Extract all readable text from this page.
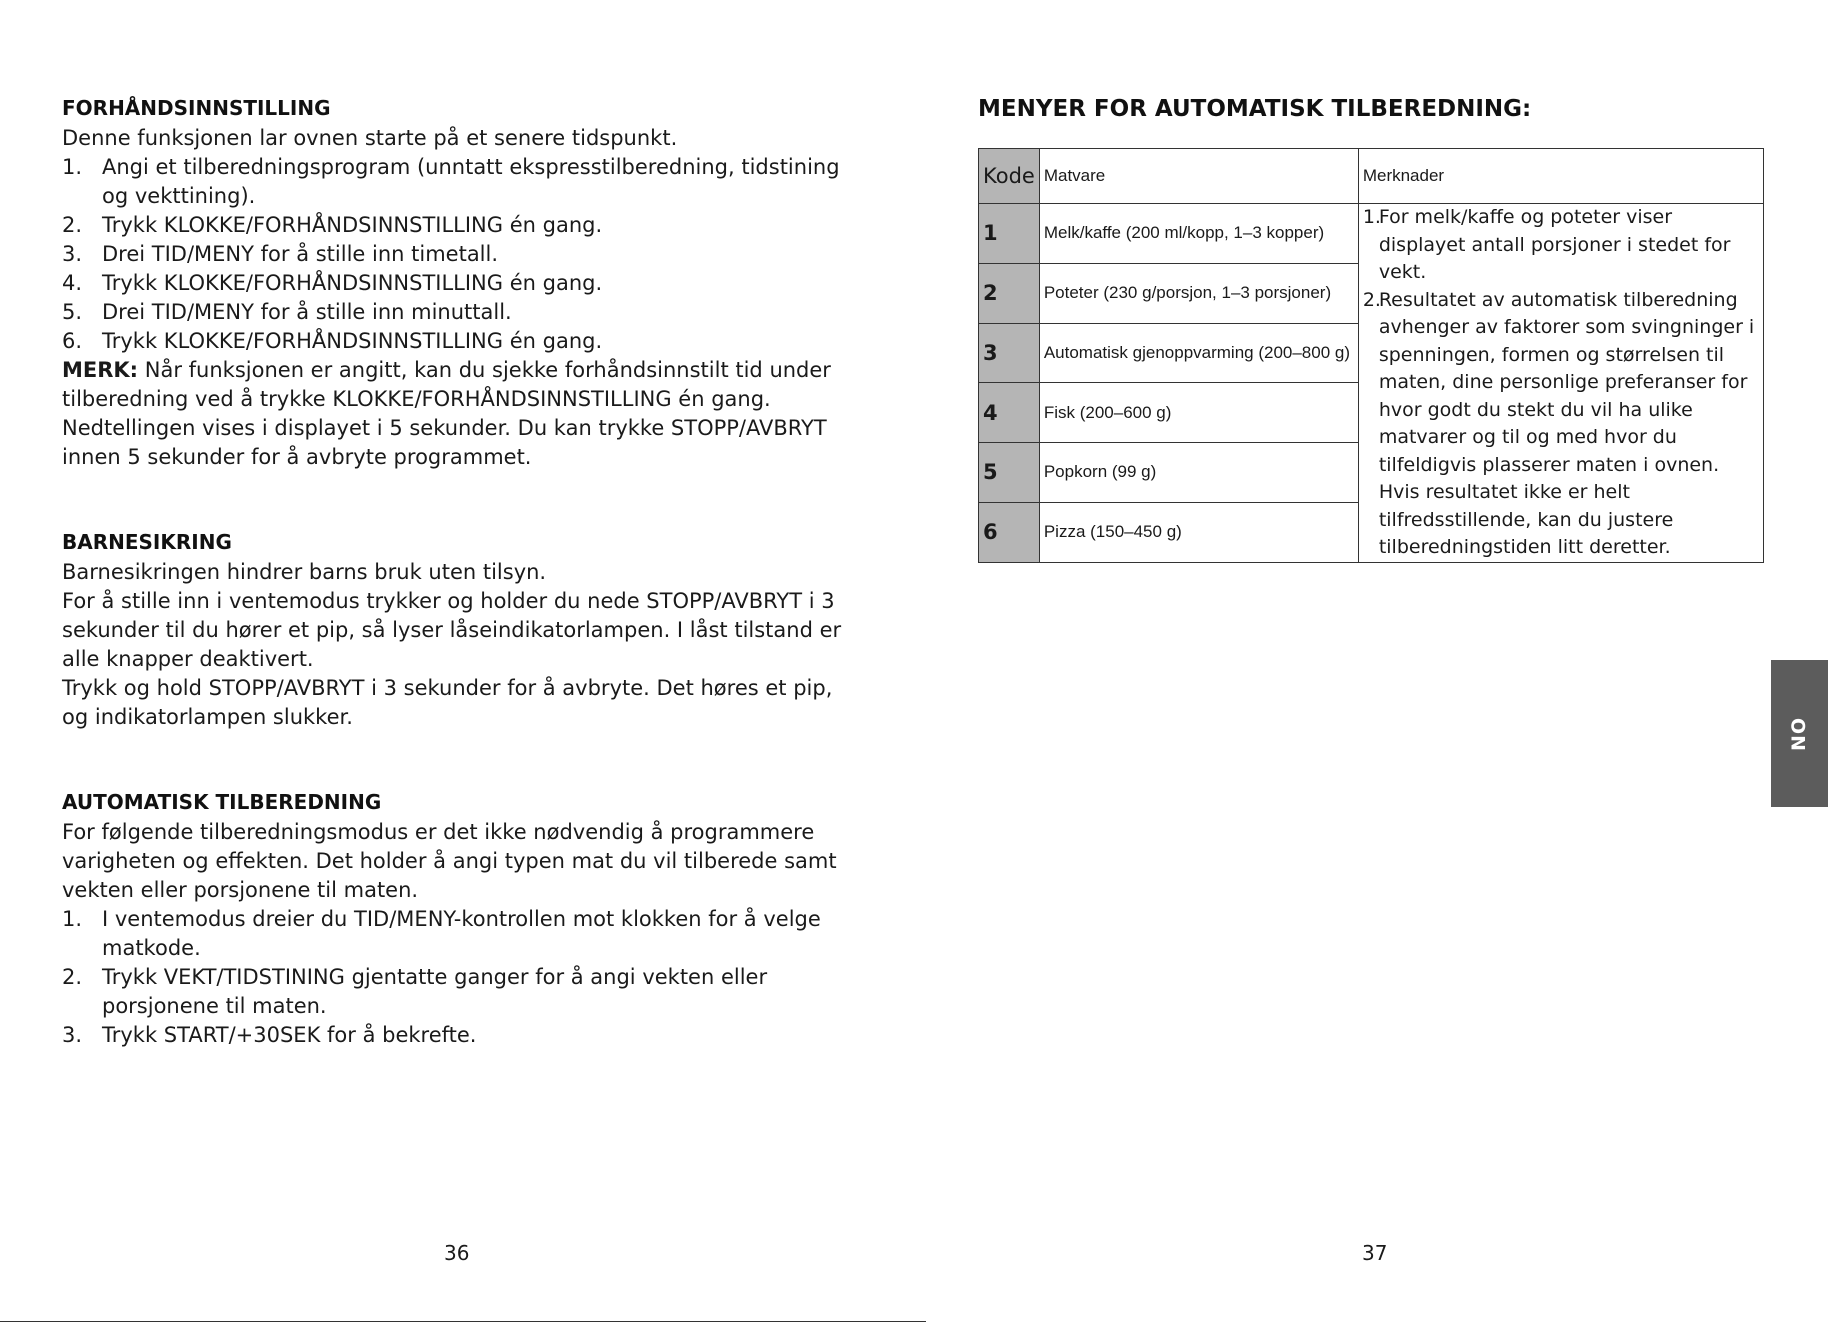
FORHÅNDSINNSTILLING

Denne funksjonen lar ovnen starte på et senere tidspunkt.

1. Angi et tilberedningsprogram (unntatt ekspresstilberedning, tidstining og vekttining).
2. Trykk KLOKKE/FORHÅNDSINNSTILLING én gang.
3. Drei TID/MENY for å stille inn timetall.
4. Trykk KLOKKE/FORHÅNDSINNSTILLING én gang.
5. Drei TID/MENY for å stille inn minuttall.
6. Trykk KLOKKE/FORHÅNDSINNSTILLING én gang.

MERK: Når funksjonen er angitt, kan du sjekke forhåndsinnstilt tid under tilberedning ved å trykke KLOKKE/FORHÅNDSINNSTILLING én gang. Nedtellingen vises i displayet i 5 sekunder. Du kan trykke STOPP/AVBRYT innen 5 sekunder for å avbryte programmet.

BARNESIKRING

Barnesikringen hindrer barns bruk uten tilsyn.

For å stille inn i ventemodus trykker og holder du nede STOPP/AVBRYT i 3 sekunder til du hører et pip, så lyser låseindikatorlampen. I låst tilstand er alle knapper deaktivert.

Trykk og hold STOPP/AVBRYT i 3 sekunder for å avbryte. Det høres et pip, og indikatorlampen slukker.

AUTOMATISK TILBEREDNING

For følgende tilberedningsmodus er det ikke nødvendig å programmere varigheten og effekten. Det holder å angi typen mat du vil tilberede samt vekten eller porsjonene til maten.

1. I ventemodus dreier du TID/MENY-kontrollen mot klokken for å velge matkode.
2. Trykk VEKT/TIDSTINING gjentatte ganger for å angi vekten eller porsjonene til maten.
3. Trykk START/+30SEK for å bekrefte.
MENYER FOR AUTOMATISK TILBEREDNING:
Kode	Matvare	Merknader
1	Melk/kaffe (200 ml/kopp, 1–3 kopper)	1.
For melk/kaffe og poteter viser displayet antall porsjoner i stedet for vekt.
2.
Resultatet av automatisk tilberedning avhenger av faktorer som svingninger i spenningen, formen og størrelsen til maten, dine personlige preferanser for hvor godt du stekt du vil ha ulike matvarer og til og med hvor du tilfeldigvis plasserer maten i ovnen. Hvis resultatet ikke er helt tilfredsstillende, kan du justere tilberedningstiden litt deretter.

2	Poteter (230 g/porsjon, 1–3 porsjoner)	
3	Automatisk gjenoppvarming (200–800 g)	
4	Fisk (200–600 g)	
5	Popkorn (99 g)	
6	Pizza (150–450 g)	
36	37
NO
